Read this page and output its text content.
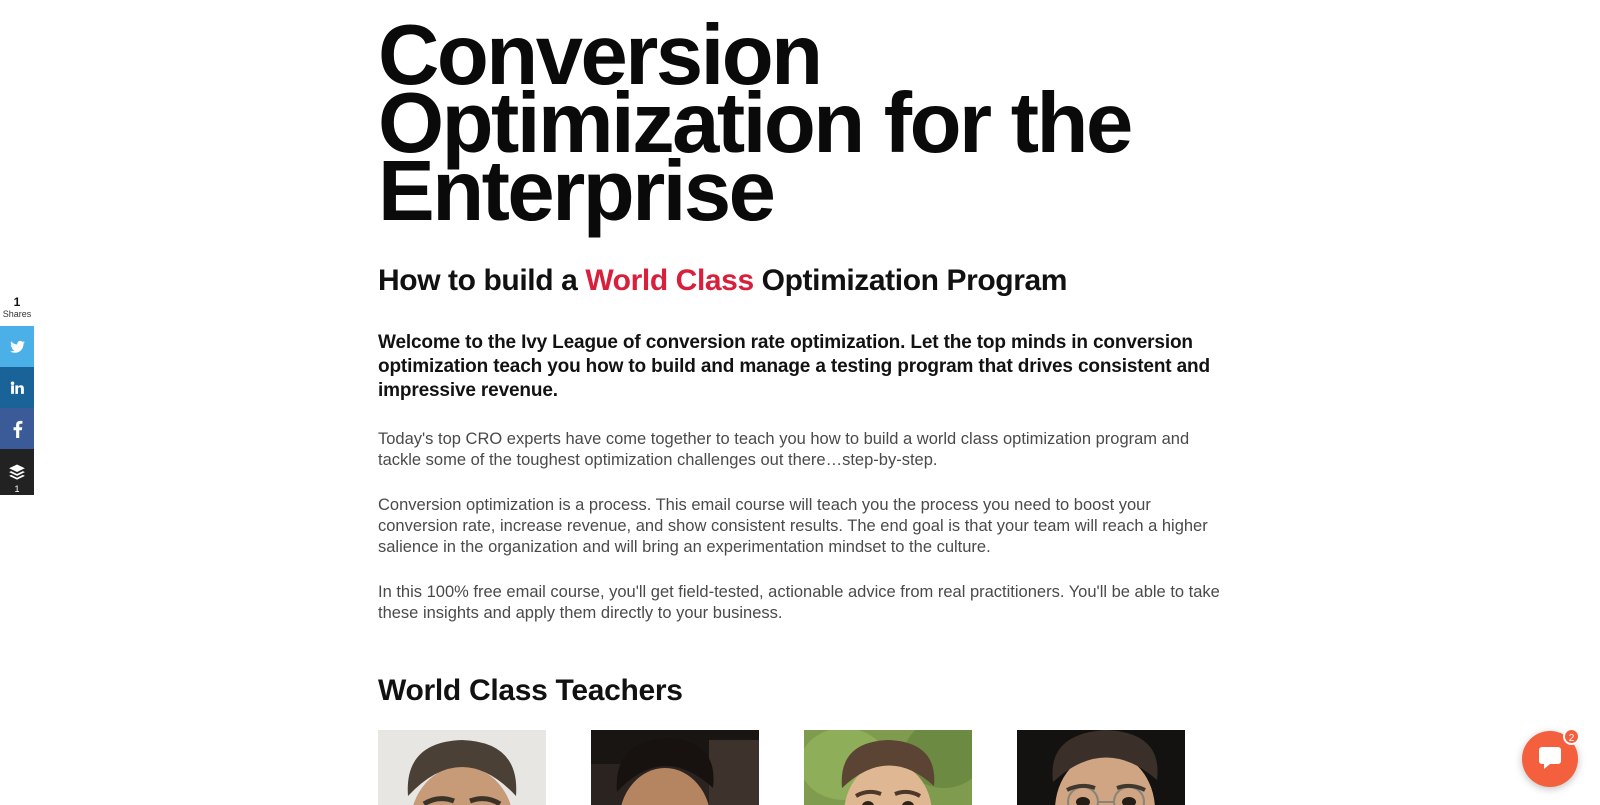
1
Shares
1
Conversion Optimization for the Enterprise
How to build a World Class Optimization Program

Welcome to the Ivy League of conversion rate optimization. Let the top minds in conversion optimization teach you how to build and manage a testing program that drives consistent and impressive revenue.

Today's top CRO experts have come together to teach you how to build a world class optimization program and tackle some of the toughest optimization challenges out there…step-by-step.

Conversion optimization is a process. This email course will teach you the process you need to boost your conversion rate, increase revenue, and show consistent results. The end goal is that your team will reach a higher salience in the organization and will bring an experimentation mindset to the culture.

In this 100% free email course, you'll get field-tested, actionable advice from real practitioners. You'll be able to take these insights and apply them directly to your business.

World Class Teachers
2
